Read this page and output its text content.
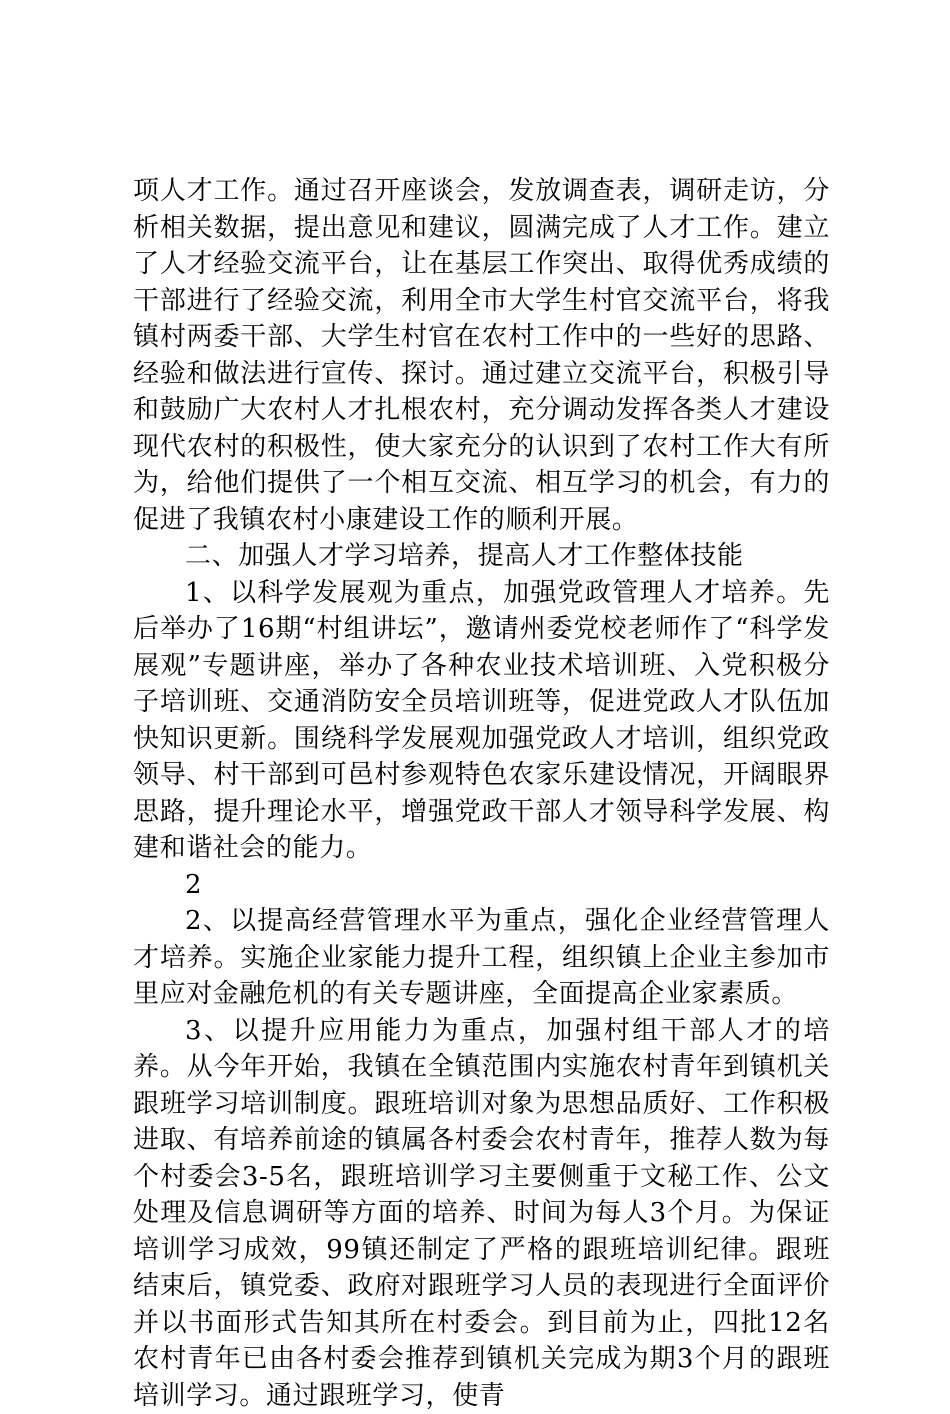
项人才工作。通过召开座谈会，发放调查表，调研走访，分析相关数据，提出意见和建议，圆满完成了人才工作。建立了人才经验交流平台，让在基层工作突出、取得优秀成绩的干部进行了经验交流，利用全市大学生村官交流平台，将我镇村两委干部、大学生村官在农村工作中的一些好的思路、经验和做法进行宣传、探讨。通过建立交流平台，积极引导和鼓励广大农村人才扎根农村，充分调动发挥各类人才建设现代农村的积极性，使大家充分的认识到了农村工作大有所为，给他们提供了一个相互交流、相互学习的机会，有力的促进了我镇农村小康建设工作的顺利开展。

二、加强人才学习培养，提高人才工作整体技能

1、以科学发展观为重点，加强党政管理人才培养。先后举办了16期“村组讲坛”，邀请州委党校老师作了“科学发展观”专题讲座，举办了各种农业技术培训班、入党积极分子培训班、交通消防安全员培训班等，促进党政人才队伍加快知识更新。围绕科学发展观加强党政人才培训，组织党政领导、村干部到可邑村参观特色农家乐建设情况，开阔眼界思路，提升理论水平，增强党政干部人才领导科学发展、构建和谐社会的能力。

2

2、以提高经营管理水平为重点，强化企业经营管理人才培养。实施企业家能力提升工程，组织镇上企业主参加市里应对金融危机的有关专题讲座，全面提高企业家素质。

3、以提升应用能力为重点，加强村组干部人才的培养。从今年开始，我镇在全镇范围内实施农村青年到镇机关跟班学习培训制度。跟班培训对象为思想品质好、工作积极进取、有培养前途的镇属各村委会农村青年，推荐人数为每个村委会3-5名，跟班培训学习主要侧重于文秘工作、公文处理及信息调研等方面的培养、时间为每人3个月。为保证培训学习成效，99镇还制定了严格的跟班培训纪律。跟班结束后，镇党委、政府对跟班学习人员的表现进行全面评价并以书面形式告知其所在村委会。到目前为止，四批12名农村青年已由各村委会推荐到镇机关完成为期3个月的跟班培训学习。通过跟班学习，使青
